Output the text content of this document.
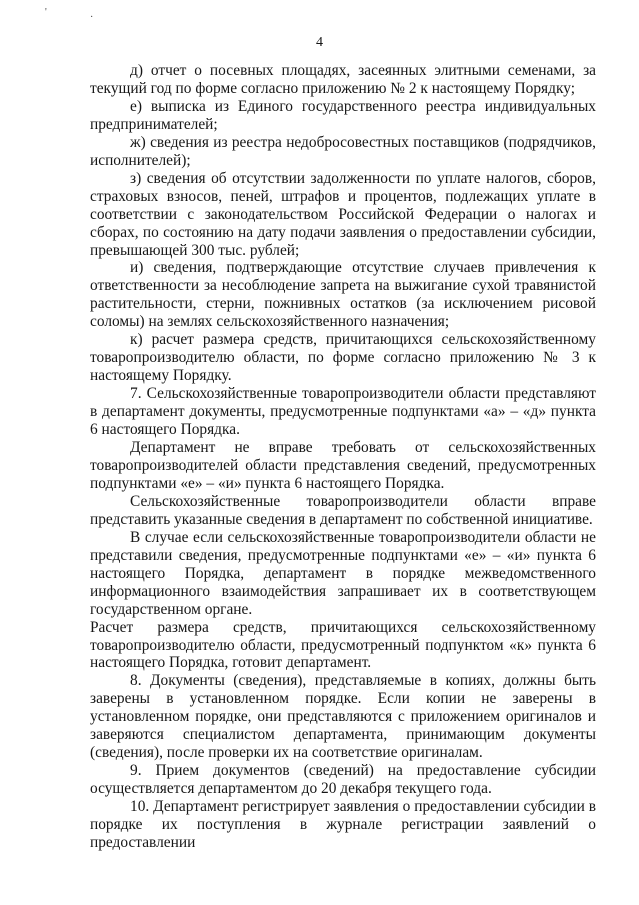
'	·
4

д) отчет о посевных площадях, засеянных элитными семенами, за текущий год по форме согласно приложению № 2 к настоящему Порядку;

е) выписка из Единого государственного реестра индивидуальных предпринимателей;

ж) сведения из реестра недобросовестных поставщиков (подрядчиков, исполнителей);

з) сведения об отсутствии задолженности по уплате налогов, сборов, страховых взносов, пеней, штрафов и процентов, подлежащих уплате в соответствии с законодательством Российской Федерации о налогах и сборах, по состоянию на дату подачи заявления о предоставлении субсидии, превышающей 300 тыс. рублей;

и) сведения, подтверждающие отсутствие случаев привлечения к ответственности за несоблюдение запрета на выжигание сухой травянистой растительности, стерни, пожнивных остатков (за исключением рисовой соломы) на землях сельскохозяйственного назначения;

к) расчет размера средств, причитающихся сельскохозяйственному товаропроизводителю области, по форме согласно приложению № 3 к настоящему Порядку.

7. Сельскохозяйственные товаропроизводители области представляют в департамент документы, предусмотренные подпунктами «а» – «д» пункта 6 настоящего Порядка.

Департамент не вправе требовать от сельскохозяйственных товаропроизводителей области представления сведений, предусмотренных подпунктами «е» – «и» пункта 6 настоящего Порядка.

Сельскохозяйственные товаропроизводители области вправе представить указанные сведения в департамент по собственной инициативе.

В случае если сельскохозяйственные товаропроизводители области не представили сведения, предусмотренные подпунктами «е» – «и» пункта 6 настоящего Порядка, департамент в порядке межведомственного информационного взаимодействия запрашивает их в соответствующем государственном органе.

Расчет размера средств, причитающихся сельскохозяйственному товаропроизводителю области, предусмотренный подпунктом «к» пункта 6 настоящего Порядка, готовит департамент.

8. Документы (сведения), представляемые в копиях, должны быть заверены в установленном порядке. Если копии не заверены в установленном порядке, они представляются с приложением оригиналов и заверяются специалистом департамента, принимающим документы (сведения), после проверки их на соответствие оригиналам.

9. Прием документов (сведений) на предоставление субсидии осуществляется департаментом до 20 декабря текущего года.

10. Департамент регистрирует заявления о предоставлении субсидии в порядке их поступления в журнале регистрации заявлений о предоставлении
